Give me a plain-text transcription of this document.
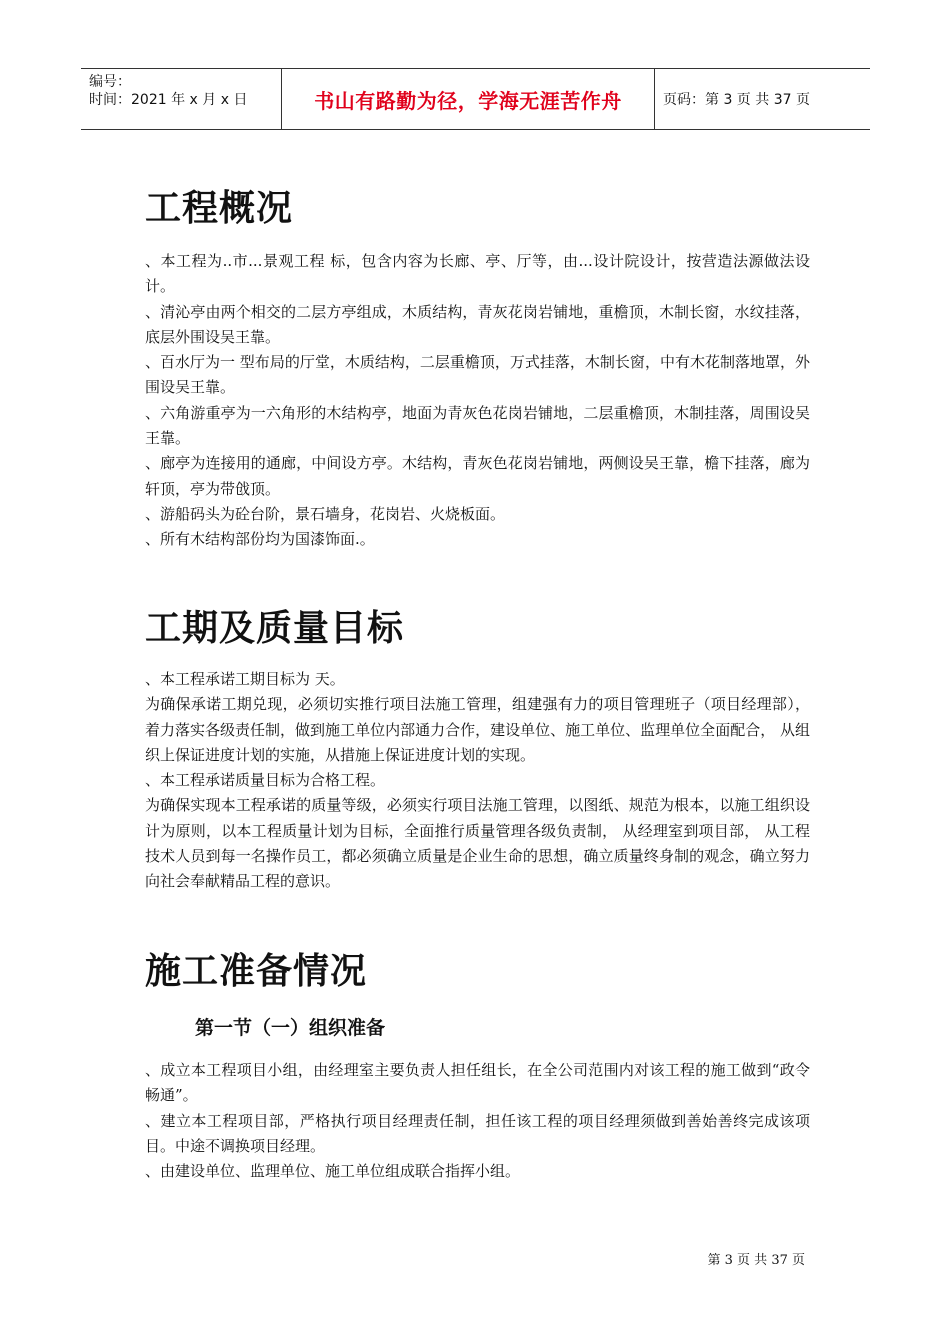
编号：
时间：2021 年 x 月 x 日	书山有路勤为径，学海无涯苦作舟	页码：第 3 页 共 37 页
工程概况

、本工程为..市...景观工程 标，包含内容为长廊、亭、厅等，由...设计院设计，按营造法源做法设计。

、清沁亭由两个相交的二层方亭组成，木质结构，青灰花岗岩铺地，重檐顶，木制长窗，水纹挂落，底层外围设吴王靠。

、百水厅为一 型布局的厅堂，木质结构，二层重檐顶，万式挂落，木制长窗，中有木花制落地罩，外围设吴王靠。

、六角游重亭为一六角形的木结构亭，地面为青灰色花岗岩铺地，二层重檐顶，木制挂落，周围设吴王靠。

、廊亭为连接用的通廊，中间设方亭。木结构，青灰色花岗岩铺地，两侧设吴王靠，檐下挂落，廊为轩顶，亭为带戗顶。

、游船码头为砼台阶，景石墙身，花岗岩、火烧板面。

、所有木结构部份均为国漆饰面.。

工期及质量目标

、本工程承诺工期目标为 天。

为确保承诺工期兑现，必须切实推行项目法施工管理，组建强有力的项目管理班子（项目经理部），着力落实各级责任制，做到施工单位内部通力合作，建设单位、施工单位、监理单位全面配合， 从组织上保证进度计划的实施，从措施上保证进度计划的实现。

、本工程承诺质量目标为合格工程。

为确保实现本工程承诺的质量等级，必须实行项目法施工管理，以图纸、规范为根本，以施工组织设计为原则，以本工程质量计划为目标，全面推行质量管理各级负责制， 从经理室到项目部， 从工程技术人员到每一名操作员工，都必须确立质量是企业生命的思想，确立质量终身制的观念，确立努力向社会奉献精品工程的意识。

施工准备情况
第一节（一）组织准备

、成立本工程项目小组，由经理室主要负责人担任组长，在全公司范围内对该工程的施工做到“政令畅通”。

、建立本工程项目部，严格执行项目经理责任制，担任该工程的项目经理须做到善始善终完成该项目。中途不调换项目经理。

、由建设单位、监理单位、施工单位组成联合指挥小组。

第 3 页 共 37 页
